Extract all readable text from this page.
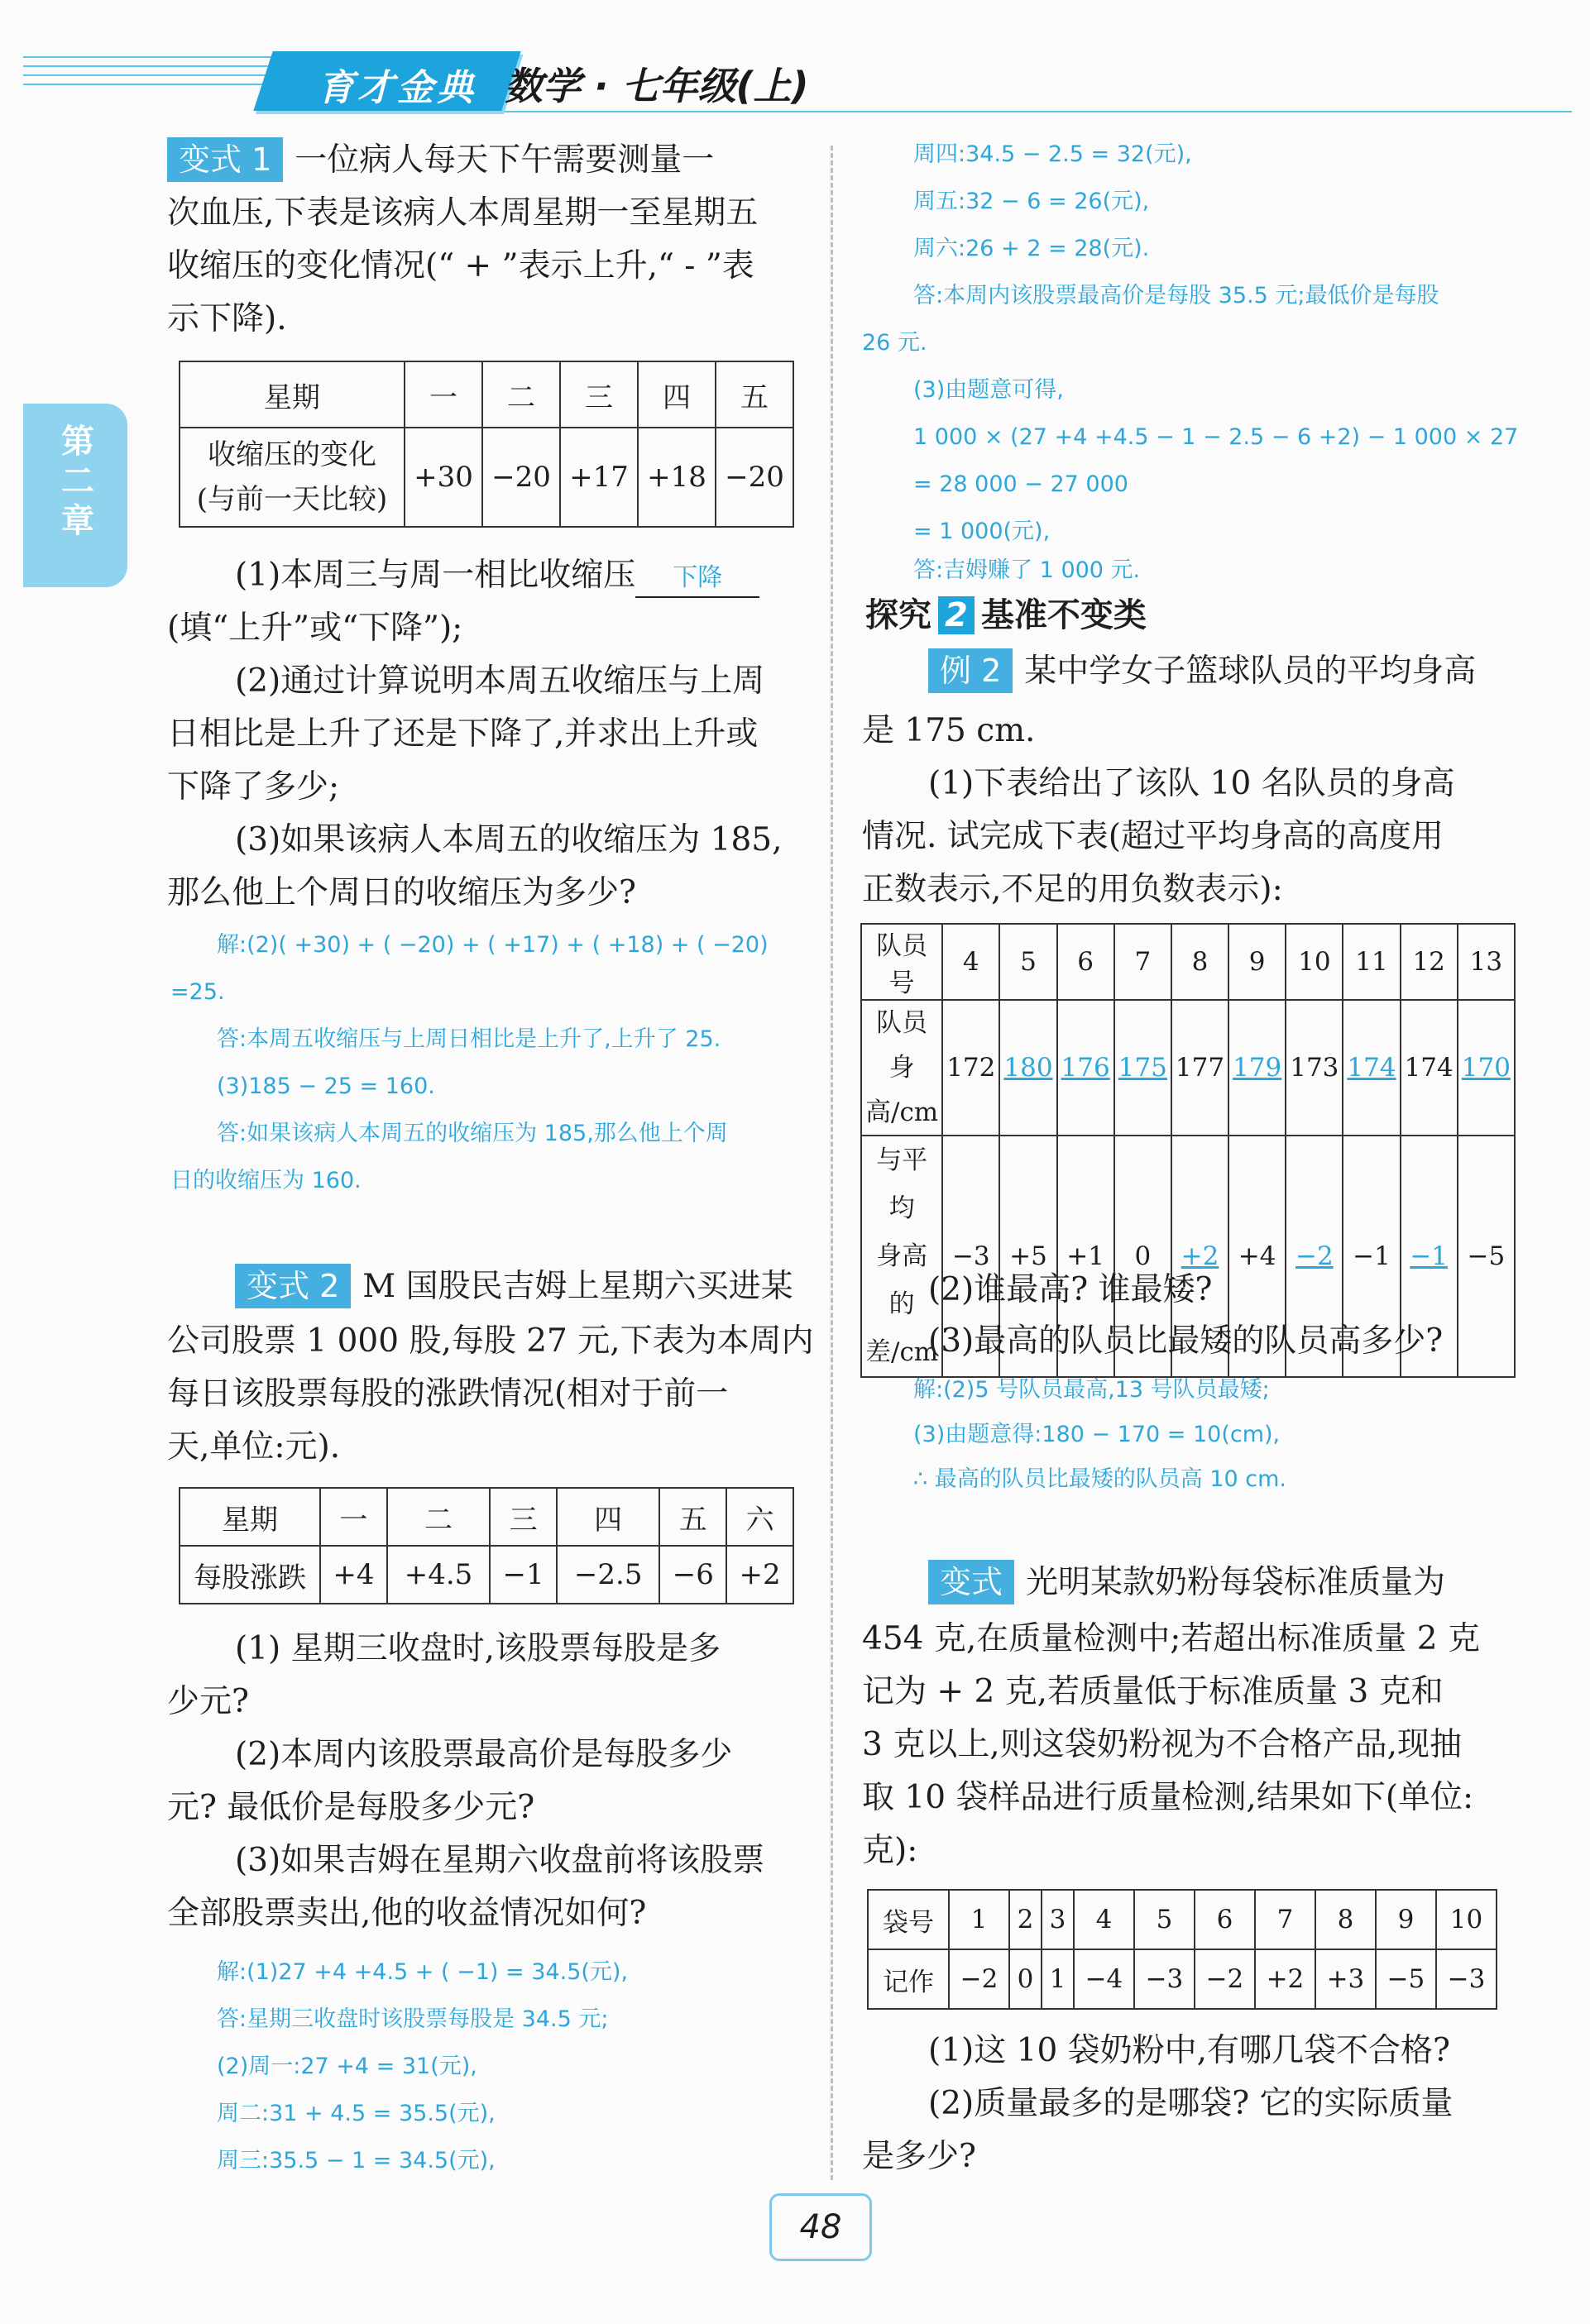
育才金典 数学 · 七年级(上)
第二章

变式 1 一位病人每天下午需要测量一

次血压,下表是该病人本周星期一至星期五

收缩压的变化情况(“ + ”表示上升,“ - ”表

示下降).

星期	一	二	三	四	五

收缩压的变化
(与前一天比较)	+30	−20	+17	+18	−20

(1)本周三与周一相比收缩压 下降

(填“上升”或“下降”);

(2)通过计算说明本周五收缩压与上周

日相比是上升了还是下降了,并求出上升或

下降了多少;

(3)如果该病人本周五的收缩压为 185,

那么他上个周日的收缩压为多少?

解:(2)( +30) + ( −20) + ( +17) + ( +18) + ( −20)

=25.

答:本周五收缩压与上周日相比是上升了,上升了 25.

(3)185 − 25 = 160.

答:如果该病人本周五的收缩压为 185,那么他上个周

日的收缩压为 160.

变式 2 M 国股民吉姆上星期六买进某

公司股票 1 000 股,每股 27 元,下表为本周内

每日该股票每股的涨跌情况(相对于前一

天,单位:元).

星期	一	二	三	四	五	六
每股涨跌	+4	+4.5	−1	−2.5	−6	+2

(1) 星期三收盘时,该股票每股是多

少元?

(2)本周内该股票最高价是每股多少

元? 最低价是每股多少元?

(3)如果吉姆在星期六收盘前将该股票

全部股票卖出,他的收益情况如何?

解:(1)27 +4 +4.5 + ( −1) = 34.5(元),

答:星期三收盘时该股票每股是 34.5 元;

(2)周一:27 +4 = 31(元),

周二:31 + 4.5 = 35.5(元),

周三:35.5 − 1 = 34.5(元),

周四:34.5 − 2.5 = 32(元),

周五:32 − 6 = 26(元),

周六:26 + 2 = 28(元).

答:本周内该股票最高价是每股 35.5 元;最低价是每股

26 元.

(3)由题意可得,

1 000 × (27 +4 +4.5 − 1 − 2.5 − 6 +2) − 1 000 × 27

= 28 000 − 27 000

= 1 000(元),

答:吉姆赚了 1 000 元.

探究 2 基准不变类

例 2 某中学女子篮球队员的平均身高

是 175 cm.

(1)下表给出了该队 10 名队员的身高

情况. 试完成下表(超过平均身高的高度用

正数表示,不足的用负数表示):

队员号	4	5	6	7	8	9	10	11	12	13

队员身
高/cm	172	180	176	175	177	179	173	174	174	170

与平均
身高的
差/cm	−3	+5	+1	0	+2	+4	−2	−1	−1	−5

(2)谁最高? 谁最矮?

(3)最高的队员比最矮的队员高多少?

解:(2)5 号队员最高,13 号队员最矮;

(3)由题意得:180 − 170 = 10(cm),

∴ 最高的队员比最矮的队员高 10 cm.

变式 光明某款奶粉每袋标准质量为

454 克,在质量检测中;若超出标准质量 2 克

记为 + 2 克,若质量低于标准质量 3 克和

3 克以上,则这袋奶粉视为不合格产品,现抽

取 10 袋样品进行质量检测,结果如下(单位:

克):

袋号	1	2	3	4	5	6	7	8	9	10
记作	−2	0	1	−4	−3	−2	+2	+3	−5	−3

(1)这 10 袋奶粉中,有哪几袋不合格?

(2)质量最多的是哪袋? 它的实际质量

是多少?

48
